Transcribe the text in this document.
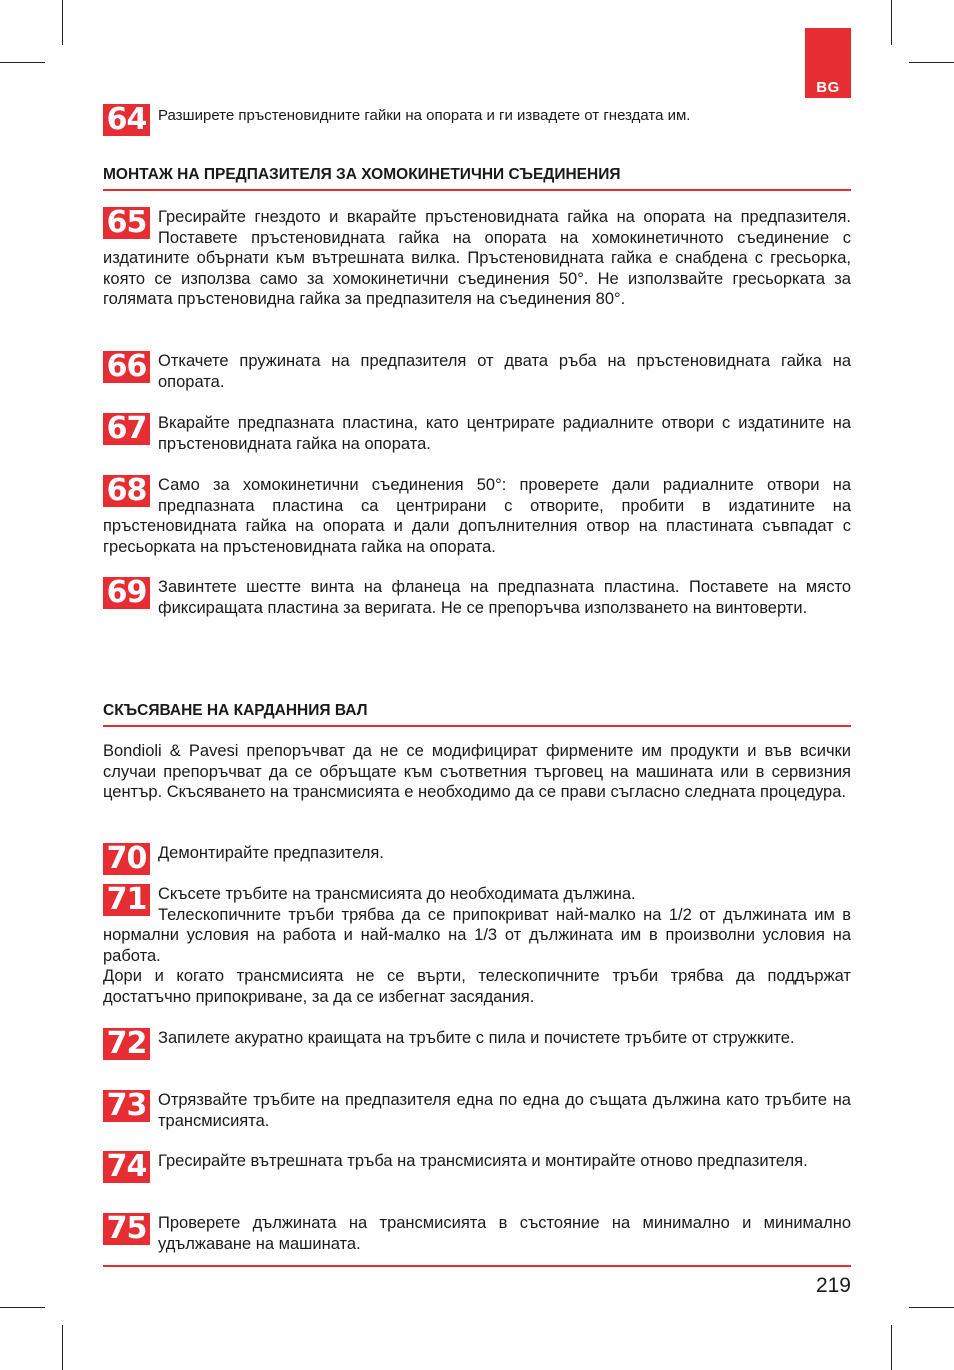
BG
64 Разширете пръстеновидните гайки на опората и ги извадете от гнездата им.

МОНТАЖ НА ПРЕДПАЗИТЕЛЯ ЗА ХОМОКИНЕТИЧНИ СЪЕДИНЕНИЯ
65 Гресирайте гнездото и вкарайте пръстеновидната гайка на опората на предпазителя. Поставете пръстеновидната гайка на опората на хомокинетичното съединение с издатините обърнати към вътрешната вилка. Пръстеновидната гайка е снабдена с гресьорка, която се използва само за хомокинетични съединения 50°. Не използвайте гресьорката за голямата пръстеновидна гайка за предпазителя на съединения 80°.

66 Откачете пружината на предпазителя от двата ръба на пръстеновидната гайка на опората.

67 Вкарайте предпазната пластина, като центрирате радиалните отвори с издатините на пръстеновидната гайка на опората.

68 Само за хомокинетични съединения 50°: проверете дали радиалните отвори на предпазната пластина са центрирани с отворите, пробити в издатините на пръстеновидната гайка на опората и дали допълнителния отвор на пластината съвпадат с гресьорката на пръстеновидната гайка на опората.

69 Завинтете шестте винта на фланеца на предпазната пластина. Поставете на място фиксиращата пластина за веригата. Не се препоръчва използването на винтоверти.

СКЪСЯВАНЕ НА КАРДАННИЯ ВАЛ

Bondioli & Pavesi препоръчват да не се модифицират фирмените им продукти и във всички случаи препоръчват да се обръщате към съответния търговец на машината или в сервизния център. Скъсяването на трансмисията е необходимо да се прави съгласно следната процедура.

70 Демонтирайте предпазителя.

71 Скъсете тръбите на трансмисията до необходимата дължина.

Телескопичните тръби трябва да се припокриват най-малко на 1/2 от дължината им в нормални условия на работа и най-малко на 1/3 от дължината им в произволни условия на работа.

Дори и когато трансмисията не се върти, телескопичните тръби трябва да поддържат достатъчно припокриване, за да се избегнат засядания.

72 Запилете акуратно краищата на тръбите с пила и почистете тръбите от стружките.

73 Отрязвайте тръбите на предпазителя една по една до същата дължина като тръбите на трансмисията.

74 Гресирайте вътрешната тръба на трансмисията и монтирайте отново предпазителя.

75 Проверете дължината на трансмисията в състояние на минимално и минимално удължаване на машината.

219
